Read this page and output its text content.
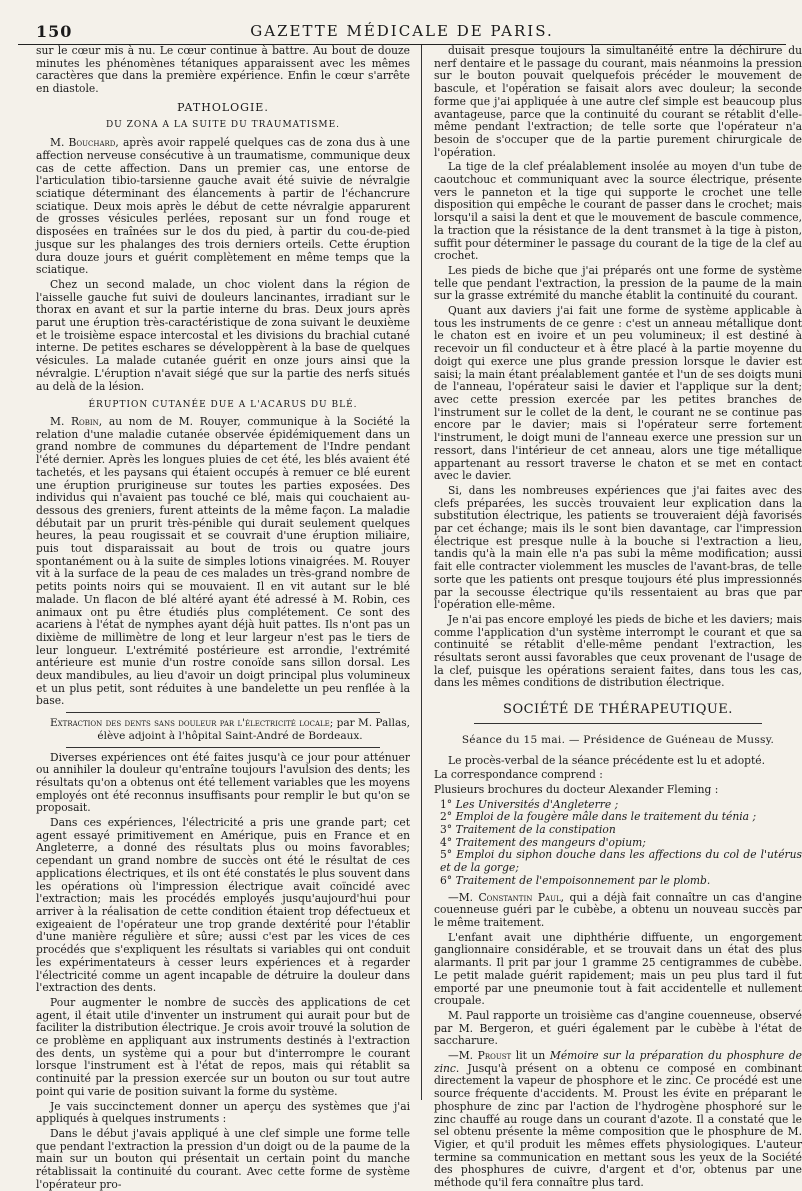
150	GAZETTE MÉDICALE DE PARIS.

sur le cœur mis à nu. Le cœur continue à battre. Au bout de douze minutes les phénomènes tétaniques apparaissent avec les mêmes caractères que dans la première expérience. Enfin le cœur s'arrête en diastole.

PATHOLOGIE.
DU ZONA A LA SUITE DU TRAUMATISME.

M. Bouchard, après avoir rappelé quelques cas de zona dus à une affection nerveuse consécutive à un traumatisme, communique deux cas de cette affection. Dans un premier cas, une entorse de l'articulation tibio-tarsienne gauche avait été suivie de névralgie sciatique déterminant des élancements à partir de l'échancrure sciatique. Deux mois après le début de cette névralgie apparurent de grosses vésicules perlées, reposant sur un fond rouge et disposées en traînées sur le dos du pied, à partir du cou-de-pied jusque sur les phalanges des trois derniers orteils. Cette éruption dura douze jours et guérit complètement en même temps que la sciatique.

Chez un second malade, un choc violent dans la région de l'aisselle gauche fut suivi de douleurs lancinantes, irradiant sur le thorax en avant et sur la partie interne du bras. Deux jours après parut une éruption très-caractéristique de zona suivant le deuxième et le troisième espace intercostal et les divisions du brachial cutané interne. De petites eschares se développèrent à la base de quelques vésicules. La malade cutanée guérit en onze jours ainsi que la névralgie. L'éruption n'avait siégé que sur la partie des nerfs situés au delà de la lésion.

ÉRUPTION CUTANÉE DUE A L'ACARUS DU BLÉ.

M. Robin, au nom de M. Rouyer, communique à la Société la relation d'une maladie cutanée observée épidémiquement dans un grand nombre de communes du département de l'Indre pendant l'été dernier. Après les longues pluies de cet été, les blés avaient été tachetés, et les paysans qui étaient occupés à remuer ce blé eurent une éruption prurigineuse sur toutes les parties exposées. Des individus qui n'avaient pas touché ce blé, mais qui couchaient au-dessous des greniers, furent atteints de la même façon. La maladie débutait par un prurit très-pénible qui durait seulement quelques heures, la peau rougissait et se couvrait d'une éruption miliaire, puis tout disparaissait au bout de trois ou quatre jours spontanément ou à la suite de simples lotions vinaigrées. M. Rouyer vit à la surface de la peau de ces malades un très-grand nombre de petits points noirs qui se mouvaient. Il en vit autant sur le blé malade. Un flacon de blé altéré ayant été adressé à M. Robin, ces animaux ont pu être étudiés plus complétement. Ce sont des acariens à l'état de nymphes ayant déjà huit pattes. Ils n'ont pas un dixième de millimètre de long et leur largeur n'est pas le tiers de leur longueur. L'extrémité postérieure est arrondie, l'extrémité antérieure est munie d'un rostre conoïde sans sillon dorsal. Les deux mandibules, au lieu d'avoir un doigt principal plus volumineux et un plus petit, sont réduites à une bandelette un peu renflée à la base.

Extraction des dents sans douleur par l'électricité locale; par M. Pallas,
élève adjoint à l'hôpital Saint-André de Bordeaux.

Diverses expériences ont été faites jusqu'à ce jour pour atténuer ou annihiler la douleur qu'entraîne toujours l'avulsion des dents; les résultats qu'on a obtenus ont été tellement variables que les moyens employés ont été reconnus insuffisants pour remplir le but qu'on se proposait.

Dans ces expériences, l'électricité a pris une grande part; cet agent essayé primitivement en Amérique, puis en France et en Angleterre, a donné des résultats plus ou moins favorables; cependant un grand nombre de succès ont été le résultat de ces applications électriques, et ils ont été constatés le plus souvent dans les opérations où l'impression électrique avait coïncidé avec l'extraction; mais les procédés employés jusqu'aujourd'hui pour arriver à la réalisation de cette condition étaient trop défectueux et exigeaient de l'opérateur une trop grande dextérité pour l'établir d'une manière régulière et sûre; aussi c'est par les vices de ces procédés que s'expliquent les résultats si variables qui ont conduit les expérimentateurs à cesser leurs expériences et à regarder l'électricité comme un agent incapable de détruire la douleur dans l'extraction des dents.

Pour augmenter le nombre de succès des applications de cet agent, il était utile d'inventer un instrument qui aurait pour but de faciliter la distribution électrique. Je crois avoir trouvé la solution de ce problème en appliquant aux instruments destinés à l'extraction des dents, un système qui a pour but d'interrompre le courant lorsque l'instrument est à l'état de repos, mais qui rétablit sa continuité par la pression exercée sur un bouton ou sur tout autre point qui varie de position suivant la forme du système.

Je vais succinctement donner un aperçu des systèmes que j'ai appliqués à quelques instruments :

Dans le début j'avais appliqué à une clef simple une forme telle que pendant l'extraction la pression d'un doigt ou de la paume de la main sur un bouton qui présentait un certain point du manche rétablissait la continuité du courant. Avec cette forme de système l'opérateur pro-

duisait presque toujours la simultanéité entre la déchirure du nerf dentaire et le passage du courant, mais néanmoins la pression sur le bouton pouvait quelquefois précéder le mouvement de bascule, et l'opération se faisait alors avec douleur; la seconde forme que j'ai appliquée à une autre clef simple est beaucoup plus avantageuse, parce que la continuité du courant se rétablit d'elle-même pendant l'extraction; de telle sorte que l'opérateur n'a besoin de s'occuper que de la partie purement chirurgicale de l'opération.

La tige de la clef préalablement insolée au moyen d'un tube de caoutchouc et communiquant avec la source électrique, présente vers le panneton et la tige qui supporte le crochet une telle disposition qui empêche le courant de passer dans le crochet; mais lorsqu'il a saisi la dent et que le mouvement de bascule commence, la traction que la résistance de la dent transmet à la tige à piston, suffit pour déterminer le passage du courant de la tige de la clef au crochet.

Les pieds de biche que j'ai préparés ont une forme de système telle que pendant l'extraction, la pression de la paume de la main sur la grasse extrémité du manche établit la continuité du courant.

Quant aux daviers j'ai fait une forme de système applicable à tous les instruments de ce genre : c'est un anneau métallique dont le chaton est en ivoire et un peu volumineux; il est destiné à recevoir un fil conducteur et à être placé à la partie moyenne du doigt qui exerce une plus grande pression lorsque le davier est saisi; la main étant préalablement gantée et l'un de ses doigts muni de l'anneau, l'opérateur saisi le davier et l'applique sur la dent; avec cette pression exercée par les petites branches de l'instrument sur le collet de la dent, le courant ne se continue pas encore par le davier; mais si l'opérateur serre fortement l'instrument, le doigt muni de l'anneau exerce une pression sur un ressort, dans l'intérieur de cet anneau, alors une tige métallique appartenant au ressort traverse le chaton et se met en contact avec le davier.

Si, dans les nombreuses expériences que j'ai faites avec des clefs préparées, les succès trouvaient leur explication dans la substitution électrique, les patients se trouveraient déjà favorisés par cet échange; mais ils le sont bien davantage, car l'impression électrique est presque nulle à la bouche si l'extraction a lieu, tandis qu'à la main elle n'a pas subi la même modification; aussi fait elle contracter violemment les muscles de l'avant-bras, de telle sorte que les patients ont presque toujours été plus impressionnés par la secousse électrique qu'ils ressentaient au bras que par l'opération elle-même.

Je n'ai pas encore employé les pieds de biche et les daviers; mais comme l'application d'un système interrompt le courant et que sa continuité se rétablit d'elle-même pendant l'extraction, les résultats seront aussi favorables que ceux provenant de l'usage de la clef, puisque les opérations seraient faites, dans tous les cas, dans les mêmes conditions de distribution électrique.

SOCIÉTÉ DE THÉRAPEUTIQUE.
Séance du 15 mai. — Présidence de Guéneau de Mussy.

Le procès-verbal de la séance précédente est lu et adopté.

La correspondance comprend :

Plusieurs brochures du docteur Alexander Fleming :

1° Les Universités d'Angleterre ;
2° Emploi de la fougère mâle dans le traitement du ténia ;
3° Traitement de la constipation
4° Traitement des mangeurs d'opium;
5° Emploi du siphon douche dans les affections du col de l'utérus et de la gorge;
6° Traitement de l'empoisonnement par le plomb.

—M. Constantin Paul, qui a déjà fait connaître un cas d'angine couenneuse guéri par le cubèbe, a obtenu un nouveau succès par le même traitement.

L'enfant avait une diphthérie diffuente, un engorgement ganglionnaire considérable, et se trouvait dans un état des plus alarmants. Il prit par jour 1 gramme 25 centigrammes de cubèbe. Le petit malade guérit rapidement; mais un peu plus tard il fut emporté par une pneumonie tout à fait accidentelle et nullement croupale.

M. Paul rapporte un troisième cas d'angine couenneuse, observé par M. Bergeron, et guéri également par le cubèbe à l'état de saccharure.

—M. Proust lit un Mémoire sur la préparation du phosphure de zinc. Jusqu'à présent on a obtenu ce composé en combinant directement la vapeur de phosphore et le zinc. Ce procédé est une source fréquente d'accidents. M. Proust les évite en préparant le phosphure de zinc par l'action de l'hydrogène phosphoré sur le zinc chauffé au rouge dans un courant d'azote. Il a constaté que le sel obtenu présente la même composition que le phosphure de M. Vigier, et qu'il produit les mêmes effets physiologiques. L'auteur termine sa communication en mettant sous les yeux de la Société des phosphures de cuivre, d'argent et d'or, obtenus par une méthode qu'il fera connaître plus tard.
